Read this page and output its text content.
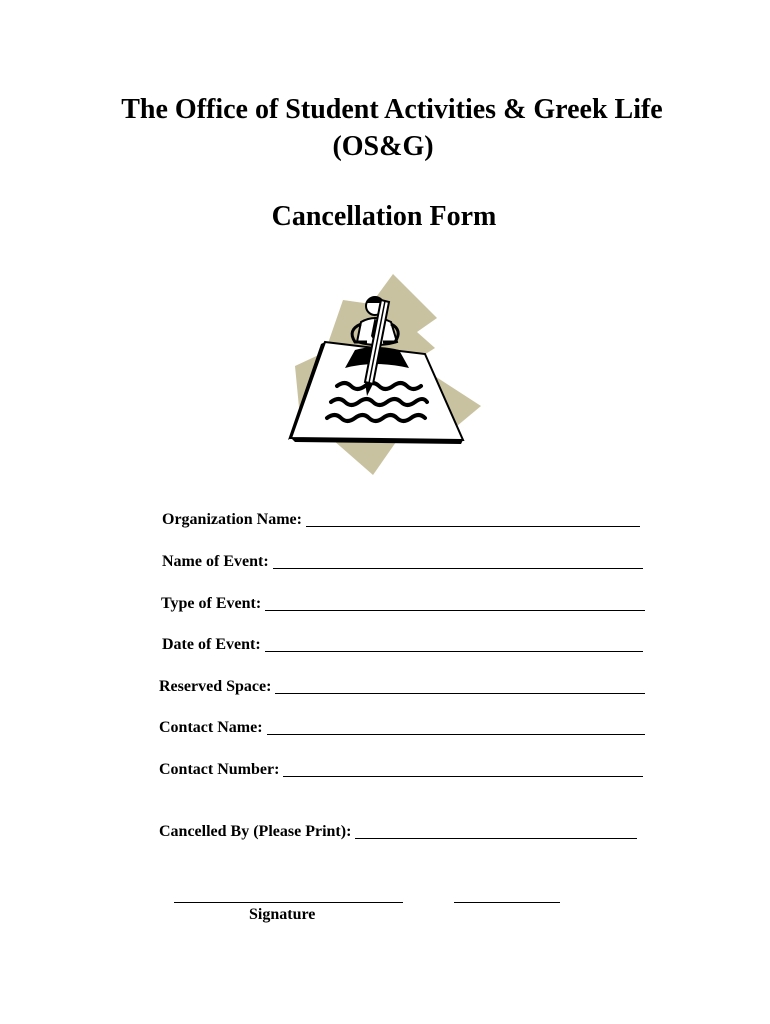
The Office of Student Activities & Greek Life
(OS&G)
Cancellation Form
Organization Name:
Name of Event:
Type of Event:
Date of Event:
Reserved Space:
Contact Name:
Contact Number:
Cancelled By (Please Print):
Signature
